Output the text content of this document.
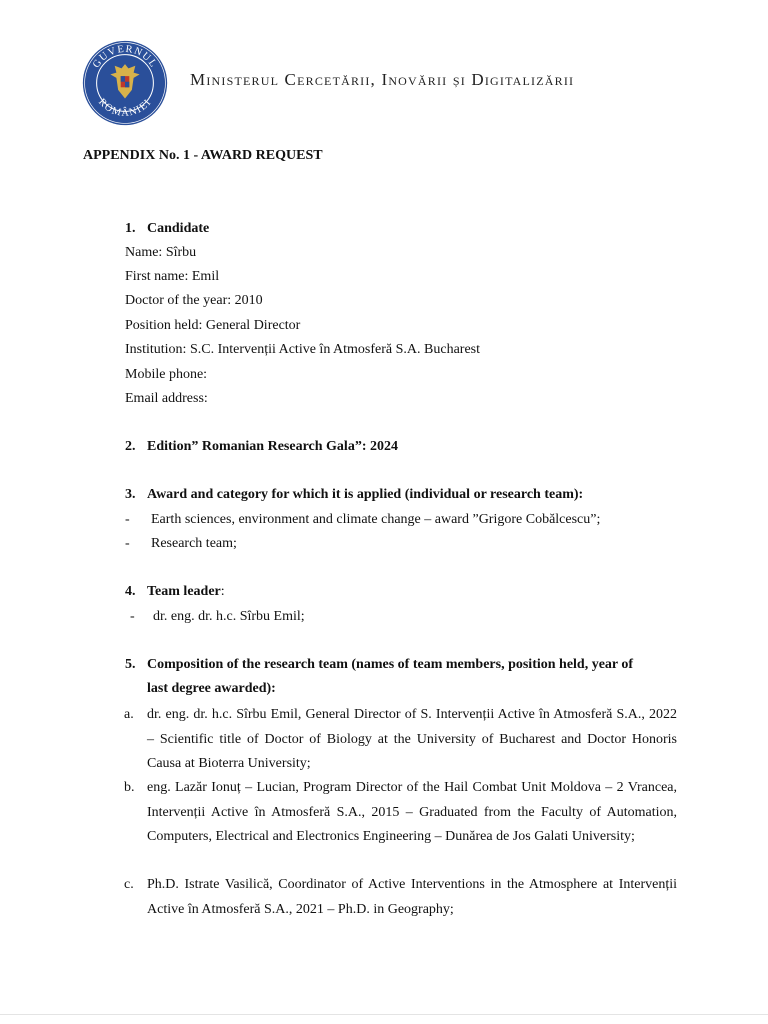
GUVERNUL
ROMÂNIEI
Ministerul Cercetării, Inovării și Digitalizării
APPENDIX No. 1 - AWARD REQUEST
1. Candidate
Name: Sîrbu
First name: Emil
Doctor of the year: 2010
Position held: General Director
Institution: S.C. Intervenții Active în Atmosferă S.A. Bucharest
Mobile phone:
Email address:
2. Edition” Romanian Research Gala”: 2024
3. Award and category for which it is applied (individual or research team):
- Earth sciences, environment and climate change – award ”Grigore Cobălcescu”;
- Research team;
4. Team leader:
- dr. eng. dr. h.c. Sîrbu Emil;
5. Composition of the research team (names of team members, position held, year of
last degree awarded):
a. dr. eng. dr. h.c. Sîrbu Emil, General Director of S. Intervenții Active în Atmosferă S.A., 2022 – Scientific title of Doctor of Biology at the University of Bucharest and Doctor Honoris Causa at Bioterra University;
b. eng. Lazăr Ionuț – Lucian, Program Director of the Hail Combat Unit Moldova – 2 Vrancea, Intervenții Active în Atmosferă S.A., 2015 – Graduated from the Faculty of Automation, Computers, Electrical and Electronics Engineering – Dunărea de Jos Galati University;
c. Ph.D. Istrate Vasilică, Coordinator of Active Interventions in the Atmosphere at Intervenții Active în Atmosferă S.A., 2021 – Ph.D. in Geography;
